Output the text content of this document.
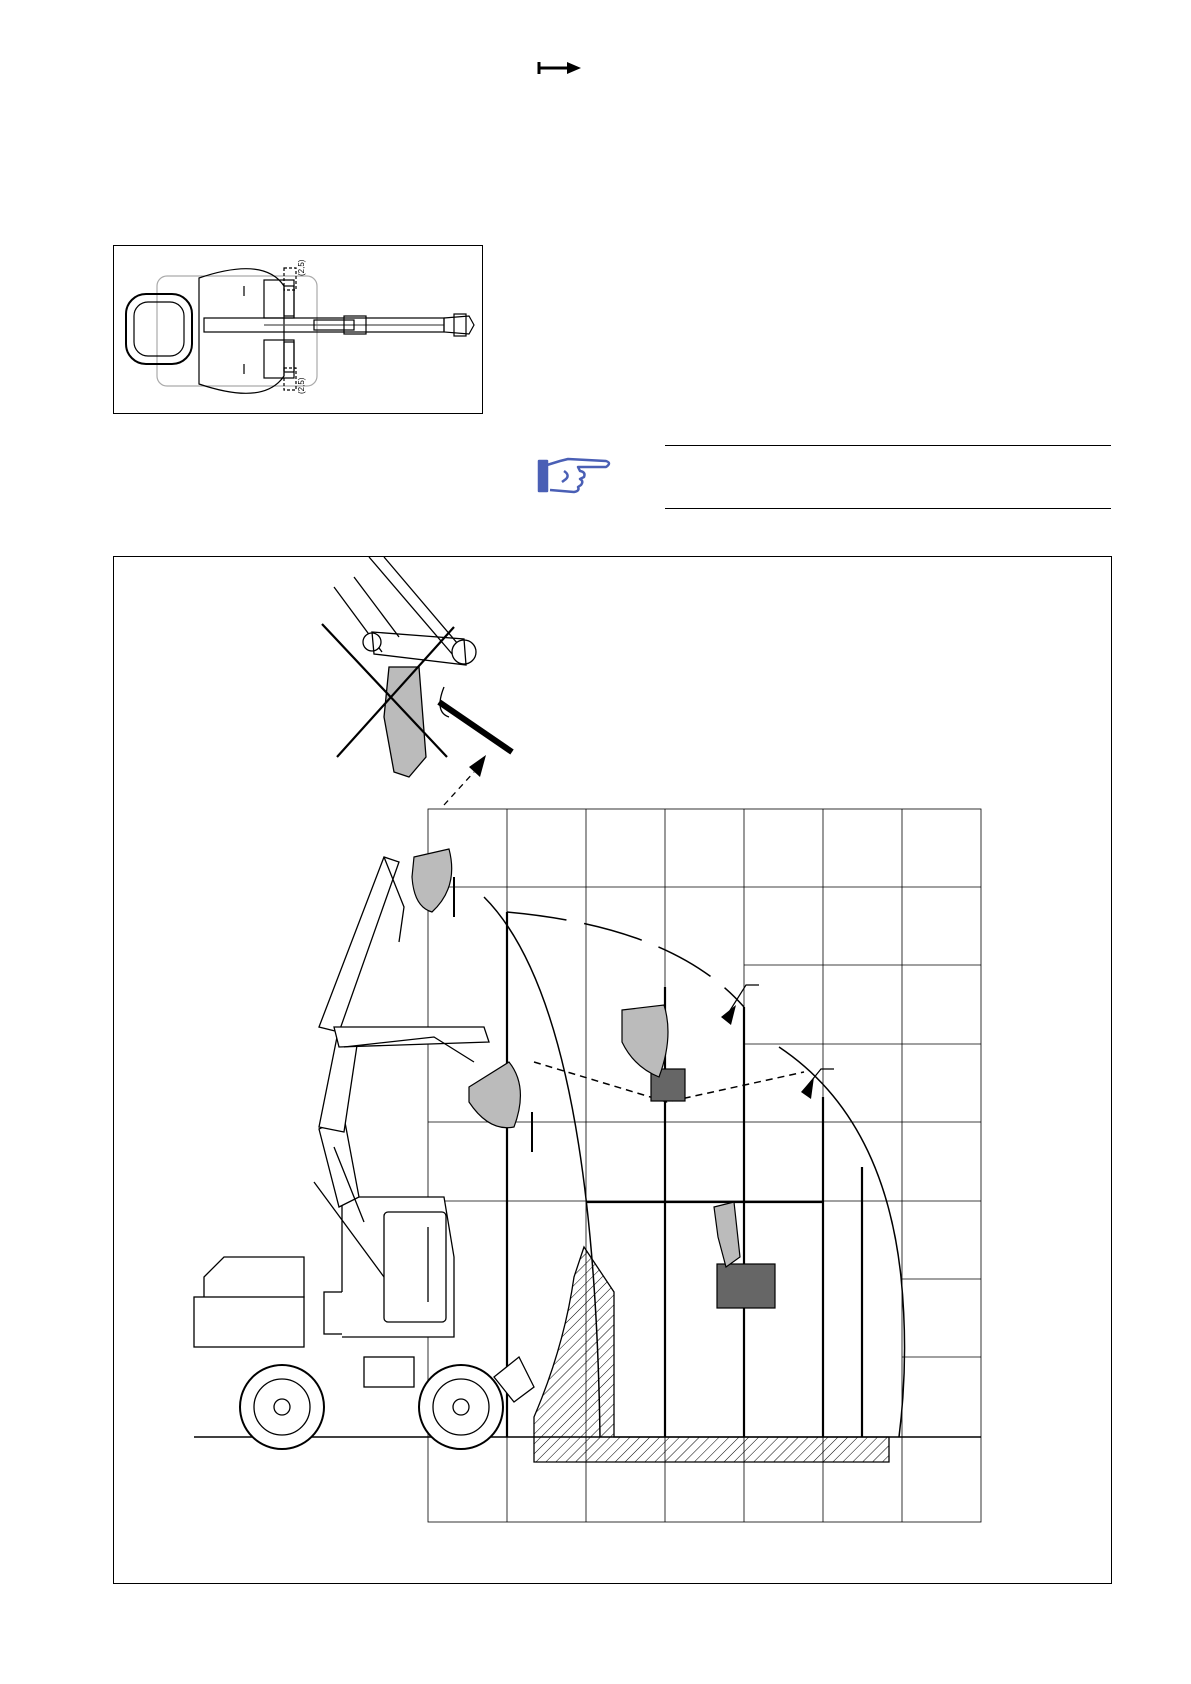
(2,5)
(2,5)
